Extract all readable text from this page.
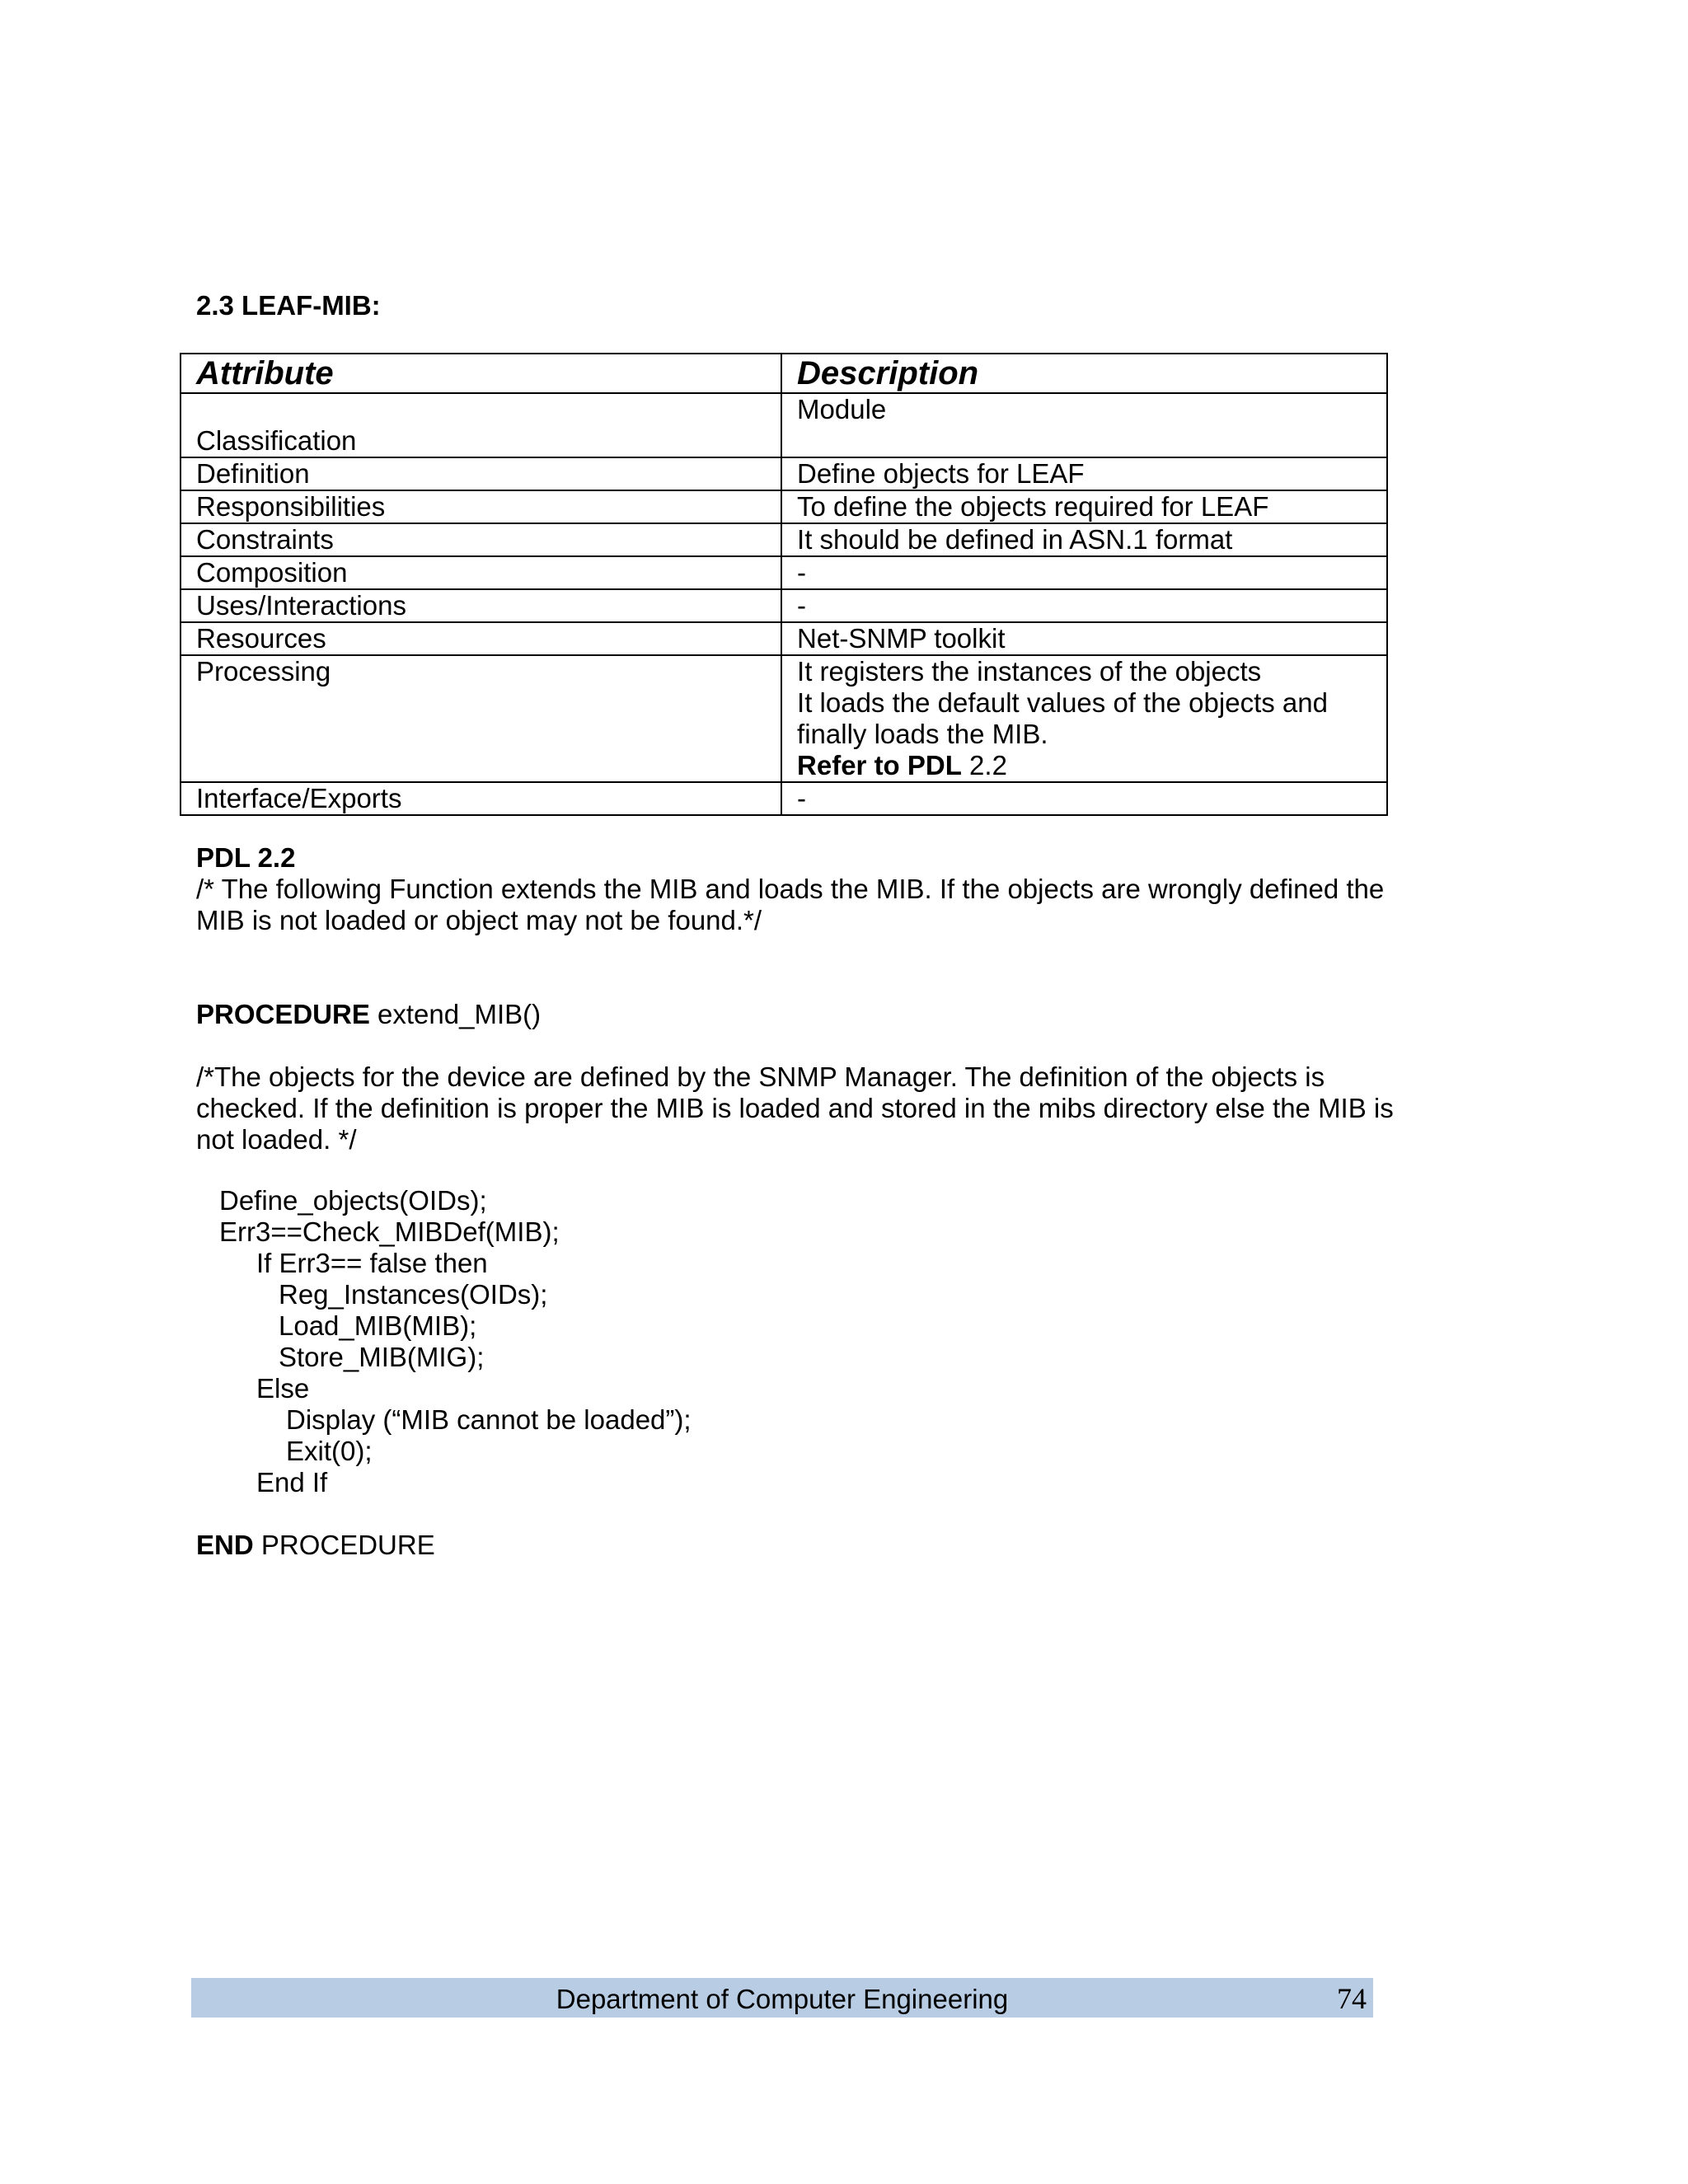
2.3 LEAF-MIB:
Attribute	Description
Classification	Module
Definition	Define objects for LEAF
Responsibilities	To define the objects required for LEAF
Constraints	It should be defined in ASN.1 format
Composition	-
Uses/Interactions	-
Resources	Net-SNMP toolkit
Processing	It registers the instances of the objects
It loads the default values of the objects and finally loads the MIB.
Refer to PDL 2.2

Interface/Exports	-

PDL 2.2

/* The following Function extends the MIB and loads the MIB. If the objects are wrongly defined the MIB is not loaded or object may not be found.*/

PROCEDURE extend_MIB()

/*The objects for the device are defined by the SNMP Manager. The definition of the objects is checked. If the definition is proper the MIB is loaded and stored in the mibs directory else the MIB is not loaded. */

Define_objects(OIDs);
Err3==Check_MIBDef(MIB);
If Err3== false then
Reg_Instances(OIDs);
Load_MIB(MIB);
Store_MIB(MIG);
Else
Display (“MIB cannot be loaded”);
Exit(0);
End If
END PROCEDURE
Department of Computer Engineering	74
